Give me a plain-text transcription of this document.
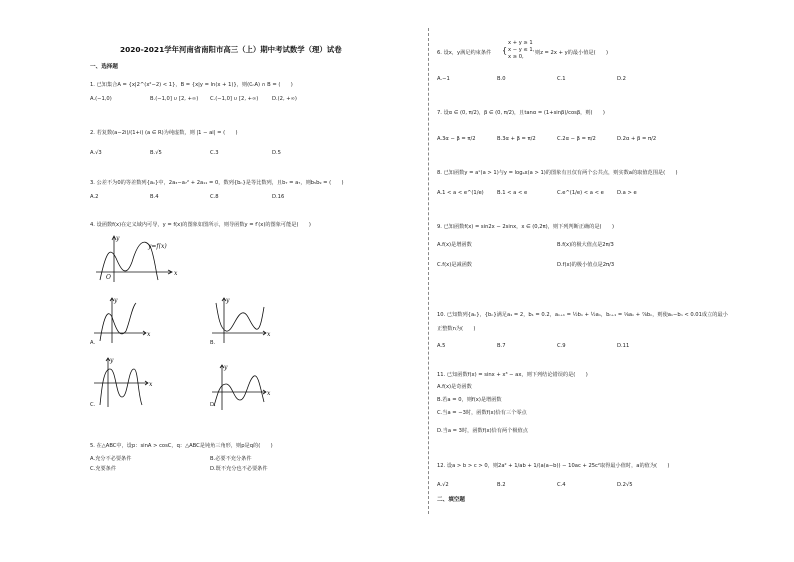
2020-2021学年河南省南阳市高三（上）期中考试数学（理）试卷
一、选择题
1. 已知集合A = {x|2^(x²−2) < 1}，B = {x|y = ln(x + 1)}，则(∁ₙA) ∩ B = (　　)
A.(−1,0)	B.(−1,0] ∪ [2, +∞) C.(−1,0] ∪ [2, +∞)	D.(2, +∞)
2. 若复数(a−2i)/(1+i) (a ∈ R)为纯虚数，则 |1 − ai| = (　　)
A.√3	B.√5	C.3	D.5
3. 公差不为0的等差数列{aₙ}中，2a₃−a₇² + 2a₁₁ = 0，数列{bₙ}是等比数列，且b₇ = a₇，则b₅b₉ = (　　)
A.2	B.4	C.8	D.16
4. 设函数f(x)在定义域内可导，y = f(x)的图象如图所示，则导函数y = f′(x)的图象可能是(　　)
x
y
O
y=f(x)
x
y
A.
x
y
B.
x
y
C.
x
y
D.
5. 在△ABC中，设p：sinA > cosC，q：△ABC是钝角三角形，则p是q的(　　)
A.充分不必要条件	B.必要不充分条件
C.充要条件	D.既不充分也不必要条件
6. 设x，y满足约束条件 {
x + y ≥ 1
x − y ≤ 1,
x ≥ 0,
则z = 2x + y的最小值是(　　)
A.−1	B.0	C.1	D.2
7. 设α ∈ (0, π/2)，β ∈ (0, π/2)，且tanα = (1+sinβ)/cosβ，则(　　)
A.3α − β = π/2	B.3α + β = π/2	C.2α − β = π/2	D.2α + β = π/2
8. 已知函数y = aˣ(a > 1)与y = logₐx(a > 1)的图象有且仅有两个公共点，则实数a的取值范围是(　　)
A.1 < a < e^(1/e)	B.1 < a < e	C.e^(1/e) < a < e	D.a > e
9. 已知函数f(x) = sin2x − 2sinx，x ∈ (0,2π)，则下列判断正确的是(　　)
A.f(x)是增函数	B.f(x)的极大值点是2π/3
C.f(x)是减函数	D.f(x)的极小值点是2π/3
10. 已知数列{aₙ}，{bₙ}满足a₁ = 2，b₁ = 0.2，aₙ₊₁ = ½bₙ + ½aₙ，bₙ₊₁ = ⅛aₙ + ⅞bₙ，则使aₙ−bₙ < 0.01成立的最小
正整数n为(　　)
A.5	B.7	C.9	D.11
11. 已知函数f(x) = sinx + x³ − ax，则下列结论错误的是(　　)
A.f(x)是奇函数
B.若a = 0，则f(x)是增函数
C.当a = −3时，函数f(x)恰有三个零点
D.当a = 3时，函数f(x)恰有两个极值点
12. 设a > b > c > 0，则2a² + 1/ab + 1/(a(a−b)) − 10ac + 25c²取得最小值时，a的值为(　　)
A.√2	B.2	C.4	D.2√5
二、填空题
